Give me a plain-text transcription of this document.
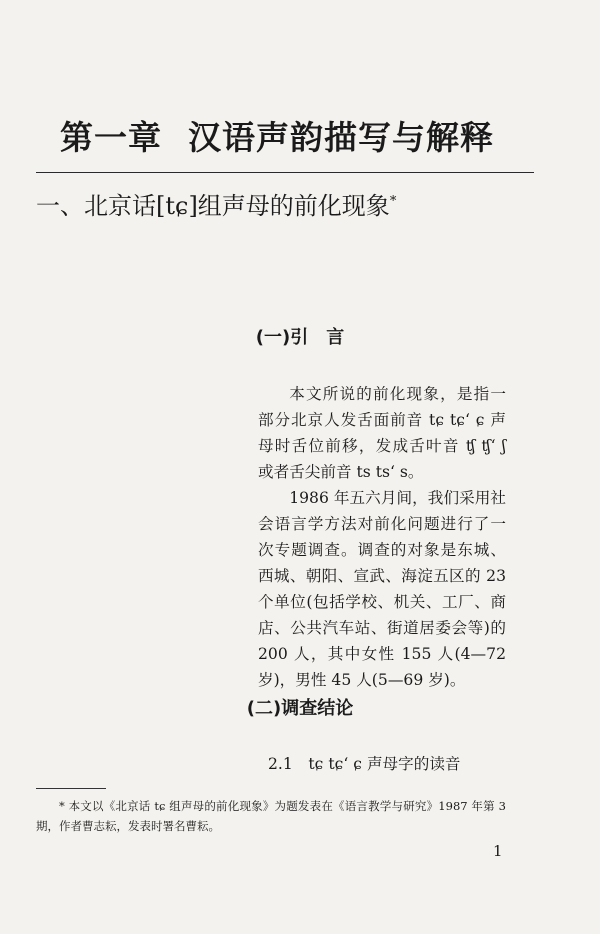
第一章 汉语声韵描写与解释
一、北京话[tɕ]组声母的前化现象*
(一)引　言

本文所说的前化现象，是指一部分北京人发舌面前音 tɕ tɕʻ ɕ 声母时舌位前移，发成舌叶音 ʧ ʧʻ ʃ 或者舌尖前音 ts tsʻ s。

1986 年五六月间，我们采用社会语言学方法对前化问题进行了一次专题调查。调查的对象是东城、西城、朝阳、宣武、海淀五区的 23 个单位(包括学校、机关、工厂、商店、公共汽车站、街道居委会等)的 200 人，其中女性 155 人(4—72 岁)，男性 45 人(5—69 岁)。

(二)调查结论
2.1　tɕ tɕʻ ɕ 声母字的读音

* 本文以《北京话 tɕ 组声母的前化现象》为题发表在《语言教学与研究》1987 年第 3 期，作者曹志耘，发表时署名曹耘。

1
